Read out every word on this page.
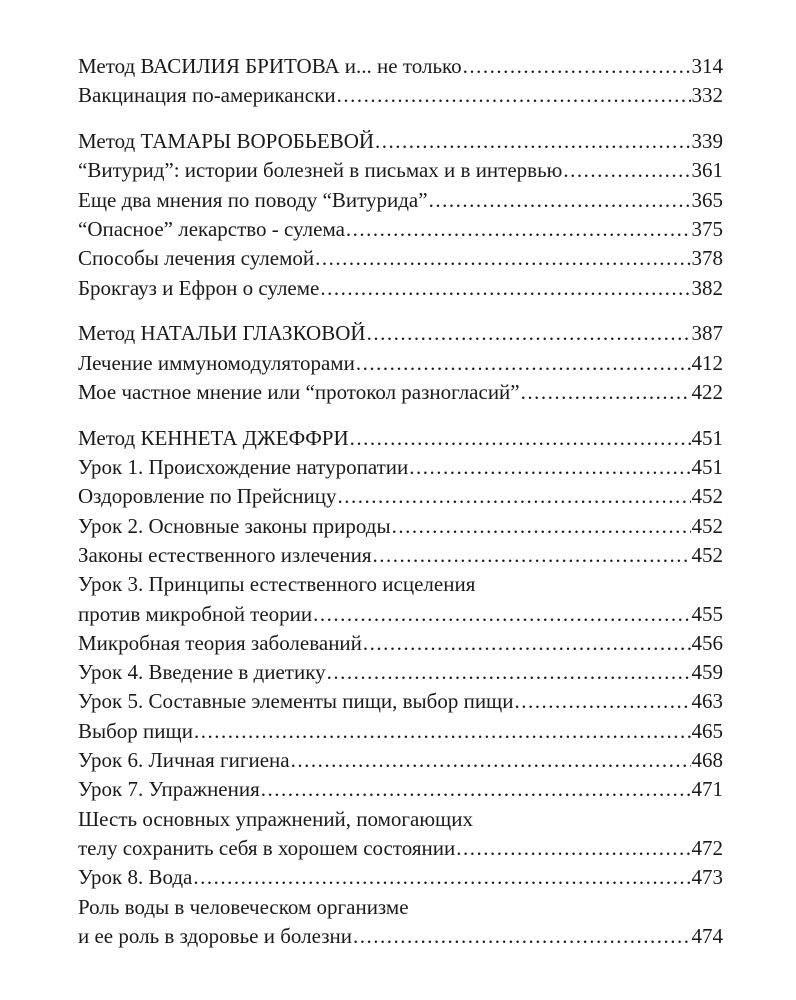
Метод ВАСИЛИЯ БРИТОВА и... не только .....	314
Вакцинация по-американски .....	332
Метод ТАМАРЫ ВОРОБЬЕВОЙ .....	339
“Витурид”: истории болезней в письмах и в интервью .....	361
Еще два мнения по поводу “Витурида” .....	365
“Опасное” лекарство - сулема .....	375
Способы лечения сулемой .....	378
Брокгауз и Ефрон о сулеме .....	382
Метод НАТАЛЬИ ГЛАЗКОВОЙ .....	387
Лечение иммуномодуляторами .....	412
Мое частное мнение или “протокол разногласий” .....	422
Метод КЕННЕТА ДЖЕФФРИ .....	451
Урок 1. Происхождение натуропатии .....	451
Оздоровление по Прейсницу .....	452
Урок 2. Основные законы природы .....	452
Законы естественного излечения .....	452
Урок 3. Принципы естественного исцеления
против микробной теории .....	455
Микробная теория заболеваний .....	456
Урок 4. Введение в диетику .....	459
Урок 5. Составные элементы пищи, выбор пищи .....	463
Выбор пищи .....	465
Урок 6. Личная гигиена .....	468
Урок 7. Упражнения .....	471
Шесть основных упражнений, помогающих
телу сохранить себя в хорошем состоянии .....	472
Урок 8. Вода .....	473
Роль воды в человеческом организме
и ее роль в здоровье и болезни .....	474
